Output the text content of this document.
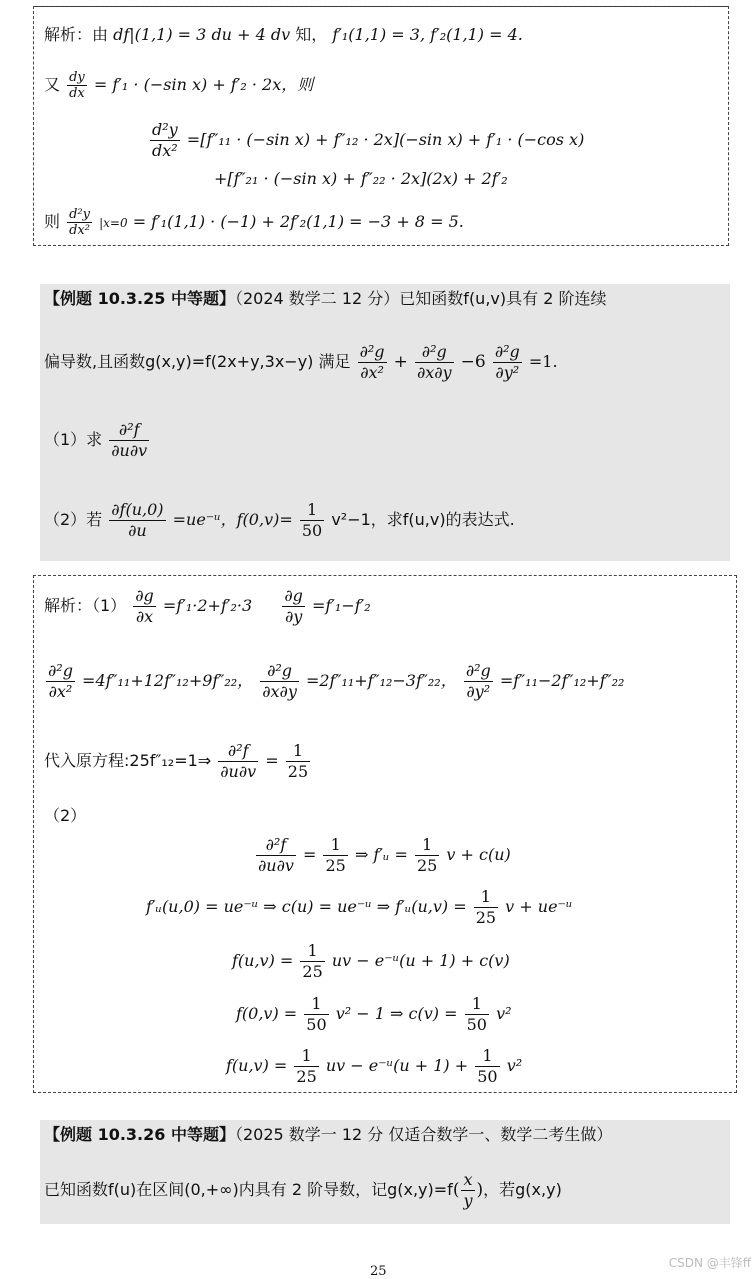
解析：由 df|(1,1) = 3 du + 4 dv 知， f′₁(1,1) = 3, f′₂(1,1) = 4.
又 $\frac{dy}{dx} = f'_1 \cdot (-\sin$ x) + f′₂ · 2x，则
$\frac{\text{d²y}}{\text{dx²}} =[f''_{11} \cdot (-\sin$ x) + f″₁₂ · 2x](−sin x) + f′₁ · (−cos x)
+[f″₂₁ · (−sin x) + f″₂₂ · 2x](2x) + 2f′₂
则 $\frac{\text{d²y}}{\text{dx²}} |x=0 = f'_1(1,1) \cdot (-1) + 2f'_2(1,1) = -3 + 8 = 5$.
【例题 10.3.25 中等题】（2024 数学二 12 分）已知函数f(u,v)具有 2 阶连续
偏导数,且函数g(x,y)=f(2x+y,3x−y) 满足 $\frac{\text{∂²g}}{\text{∂x²}} + \frac{\text{∂²g}}{\partial x\partial y} -6 \frac{\text{∂²g}}{\text{∂y²}} =1$.
（1）求 $\frac{\text{∂²f}}{\partial u\partial v}$
（2）若 $\frac{\partial f(u,0)}{\partial u}$ =ue⁻ᵘ，$f(0,v)= \frac{1}{50} v^2-1$，求f(u,v)的表达式.
解析：$(1) \frac{\partial g}{\partial x} =f'_1\cdot 2+f'_2\cdot 3 \frac{\partial g}{\partial y} =f'_1-f'_2$
$\frac{\text{∂²g}}{\text{∂x²}} =4f''_{11}+12f''_{12}+9f''_{22}$， $\frac{\text{∂²g}}{\partial x\partial y} =2f''_{11}+f''_{12}-3f''_{22}$， $\frac{\text{∂²g}}{\text{∂y²}} =f''_{11}-2f''_{12}+f''_{22}$
代入原方程:25f″₁₂=1⇒ $\frac{\text{∂²f}}{\partial u\partial v} = \frac{1}{25}$
（2）
$\frac{\text{∂²f}}{\partial u\partial v} = \frac{1}{25}$ ⇒ f′ᵤ = $\frac{1}{25}$ v + c(u)
f′ᵤ(u,0) = ue⁻ᵘ ⇒ c(u) = ue⁻ᵘ ⇒ f′ᵤ(u,v) = $\frac{1}{25}$ v + ue⁻ᵘ
$f(u,v) = \frac{1}{25}$ uv − e⁻ᵘ(u + 1) + c(v)
$f(0,v) = \frac{1}{50} v^2 - 1$ ⇒ $c(v) = \frac{1}{50} v^2$
$f(u,v) = \frac{1}{25}$ uv − e⁻ᵘ(u + $1) + \frac{1}{50} v^2$
【例题 10.3.26 中等题】（2025 数学一 12 分 仅适合数学一、数学二考生做）
已知函数f(u)在区间(0,+∞)内具有 2 阶导数，记$g(x,y)=f( \frac{x}{y}$ )，若g(x,y)
25
CSDN @丰锋ff
